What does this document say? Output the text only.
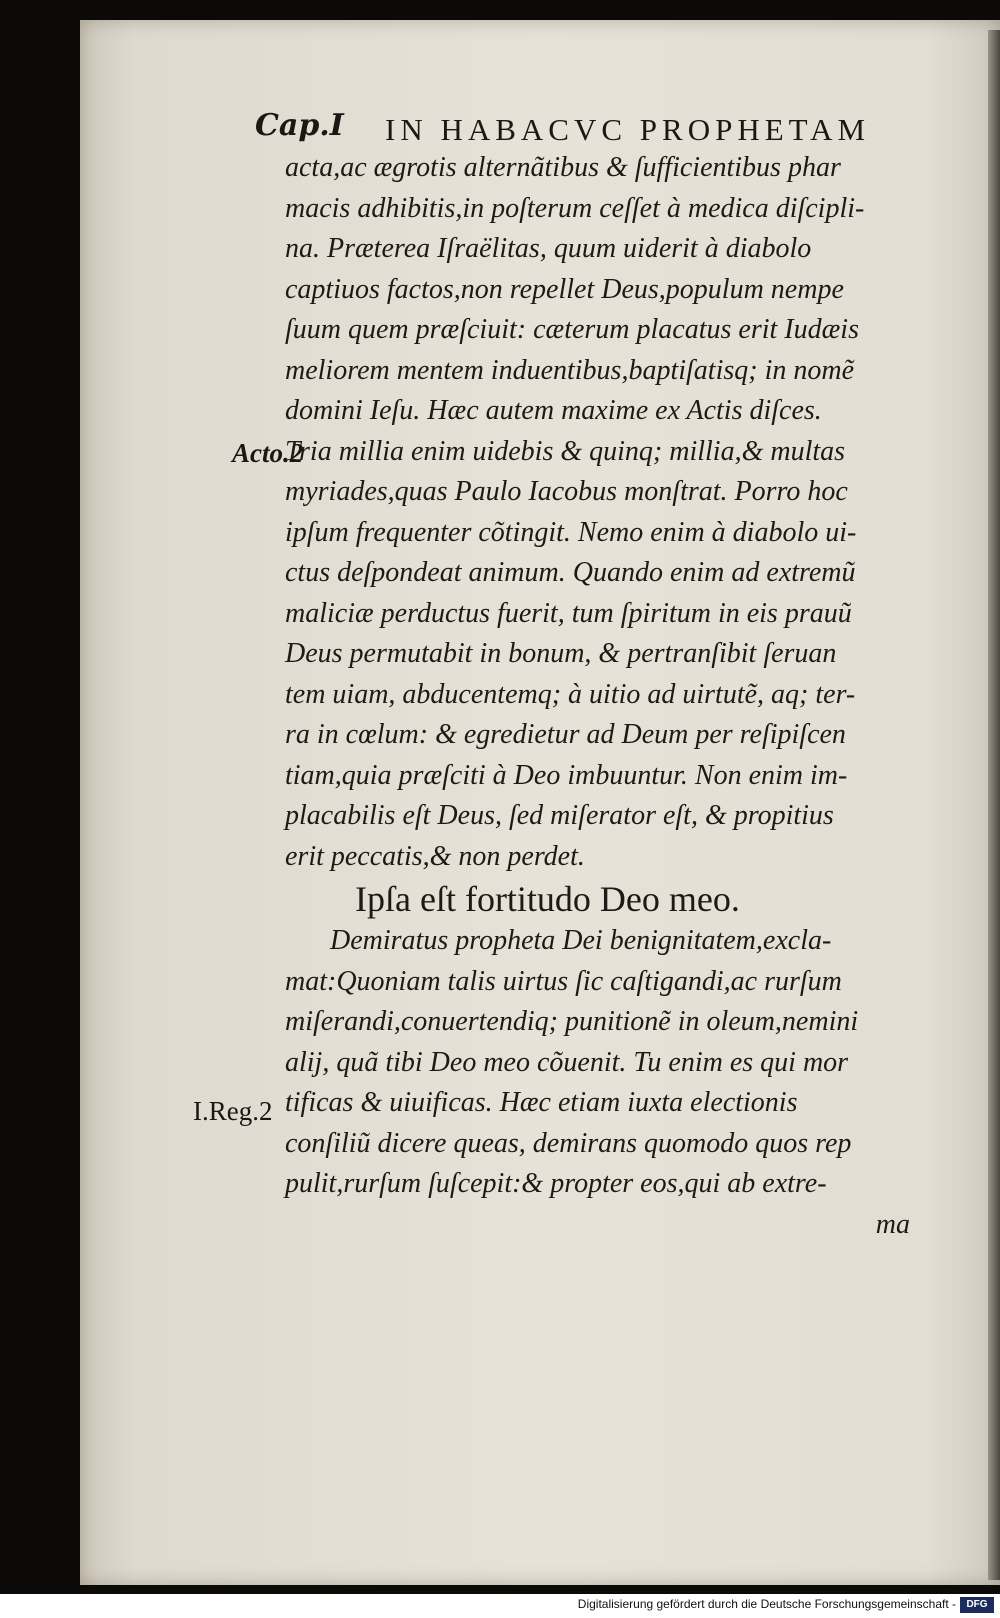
Cap.I IN HABACVC PROPHETAM
Acto.2
I.Reg.2
acta,ac ægrotis alternãtibus & ſufficientibus phar
macis adhibitis,in poſterum ceſſet à medica diſcipli-
na. Præterea Iſraëlitas, quum uiderit à diabolo
captiuos factos,non repellet Deus,populum nempe
ſuum quem præſciuit: cæterum placatus erit Iudæis
meliorem mentem induentibus,baptiſatisq; in nomẽ
domini Ieſu. Hæc autem maxime ex Actis diſces.
Tria millia enim uidebis & quinq; millia,& multas
myriades,quas Paulo Iacobus monſtrat. Porro hoc
ipſum frequenter cõtingit. Nemo enim à diabolo ui-
ctus deſpondeat animum. Quando enim ad extremũ
maliciæ perductus fuerit, tum ſpiritum in eis prauũ
Deus permutabit in bonum, & pertranſibit ſeruan
tem uiam, abducentemq; à uitio ad uirtutẽ, aq; ter-
ra in cœlum: & egredietur ad Deum per reſipiſcen
tiam,quia præſciti à Deo imbuuntur. Non enim im-
placabilis eſt Deus, ſed miſerator eſt, & propitius
erit peccatis,& non perdet.
Ipſa eſt fortitudo Deo meo.
Demiratus propheta Dei benignitatem,excla-
mat:Quoniam talis uirtus ſic caſtigandi,ac rurſum
miſerandi,conuertendiq; punitionẽ in oleum,nemini
alij, quã tibi Deo meo cõuenit. Tu enim es qui mor
tificas & uiuificas. Hæc etiam iuxta electionis
conſiliũ dicere queas, demirans quomodo quos rep
pulit,rurſum ſuſcepit:& propter eos,qui ab extre-
ma
Digitalisierung gefördert durch die Deutsche Forschungsgemeinschaft -	DFG
